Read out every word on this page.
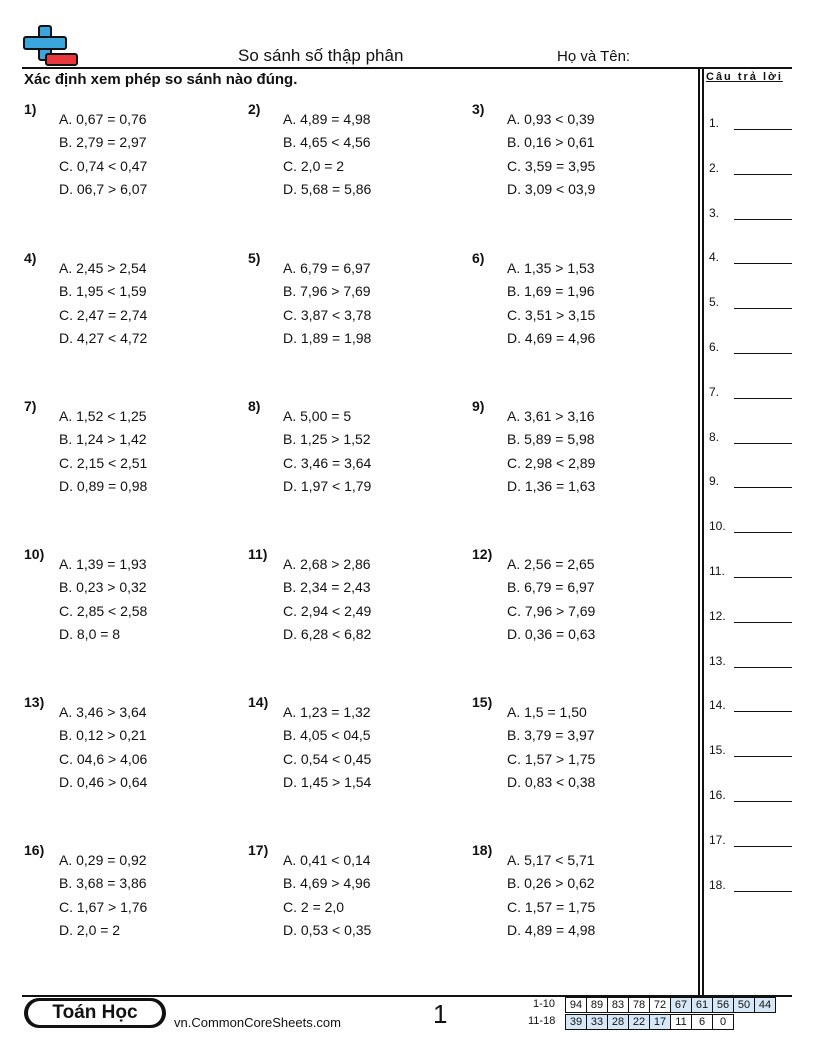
So sánh số thập phân	Họ và Tên:
Xác định xem phép so sánh nào đúng.	Câu trả lời
1.
2.
3.
4.
5.
6.
7.
8.
9.
10.
11.
12.
13.
14.
15.
16.
17.
18.
1)
A. 0,67 = 0,76
B. 2,79 = 2,97
C. 0,74 < 0,47
D. 06,7 > 6,07
2)
A. 4,89 = 4,98
B. 4,65 < 4,56
C. 2,0 = 2
D. 5,68 = 5,86
3)
A. 0,93 < 0,39
B. 0,16 > 0,61
C. 3,59 = 3,95
D. 3,09 < 03,9
4)
A. 2,45 > 2,54
B. 1,95 < 1,59
C. 2,47 = 2,74
D. 4,27 < 4,72
5)
A. 6,79 = 6,97
B. 7,96 > 7,69
C. 3,87 < 3,78
D. 1,89 = 1,98
6)
A. 1,35 > 1,53
B. 1,69 = 1,96
C. 3,51 > 3,15
D. 4,69 = 4,96
7)
A. 1,52 < 1,25
B. 1,24 > 1,42
C. 2,15 < 2,51
D. 0,89 = 0,98
8)
A. 5,00 = 5
B. 1,25 > 1,52
C. 3,46 = 3,64
D. 1,97 < 1,79
9)
A. 3,61 > 3,16
B. 5,89 = 5,98
C. 2,98 < 2,89
D. 1,36 = 1,63
10)
A. 1,39 = 1,93
B. 0,23 > 0,32
C. 2,85 < 2,58
D. 8,0 = 8
11)
A. 2,68 > 2,86
B. 2,34 = 2,43
C. 2,94 < 2,49
D. 6,28 < 6,82
12)
A. 2,56 = 2,65
B. 6,79 = 6,97
C. 7,96 > 7,69
D. 0,36 = 0,63
13)
A. 3,46 > 3,64
B. 0,12 > 0,21
C. 04,6 > 4,06
D. 0,46 > 0,64
14)
A. 1,23 = 1,32
B. 4,05 < 04,5
C. 0,54 < 0,45
D. 1,45 > 1,54
15)
A. 1,5 = 1,50
B. 3,79 = 3,97
C. 1,57 > 1,75
D. 0,83 < 0,38
16)
A. 0,29 = 0,92
B. 3,68 = 3,86
C. 1,67 > 1,76
D. 2,0 = 2
17)
A. 0,41 < 0,14
B. 4,69 > 4,96
C. 2 = 2,0
D. 0,53 < 0,35
18)
A. 5,17 < 5,71
B. 0,26 > 0,62
C. 1,57 = 1,75
D. 4,89 = 4,98
Toán Học	vn.CommonCoreSheets.com	1	1-10
11-18
94	89	83	78	72	67	61	56	50	44
39	33	28	22	17	11	6	0
